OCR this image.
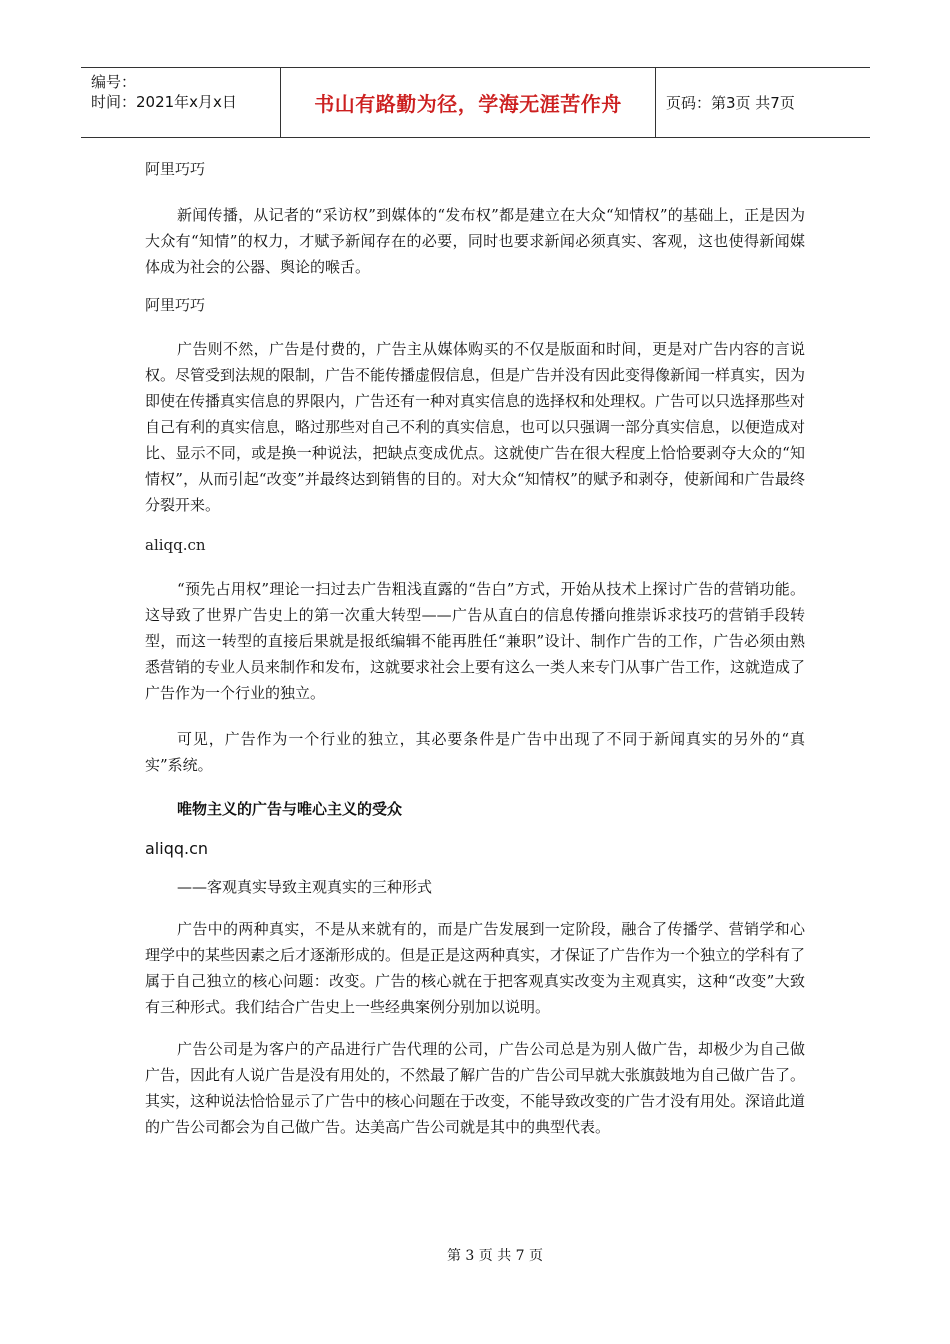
编号：
时间：2021年x月x日	书山有路勤为径，学海无涯苦作舟	页码：第3页 共7页

阿里巧巧

新闻传播，从记者的“采访权”到媒体的“发布权”都是建立在大众“知情权”的基础上，正是因为大众有“知情”的权力，才赋予新闻存在的必要，同时也要求新闻必须真实、客观，这也使得新闻媒体成为社会的公器、舆论的喉舌。

阿里巧巧

广告则不然，广告是付费的，广告主从媒体购买的不仅是版面和时间，更是对广告内容的言说权。尽管受到法规的限制，广告不能传播虚假信息，但是广告并没有因此变得像新闻一样真实，因为即使在传播真实信息的界限内，广告还有一种对真实信息的选择权和处理权。广告可以只选择那些对自己有利的真实信息，略过那些对自己不利的真实信息，也可以只强调一部分真实信息，以便造成对比、显示不同，或是换一种说法，把缺点变成优点。这就使广告在很大程度上恰恰要剥夺大众的“知情权”，从而引起“改变”并最终达到销售的目的。对大众“知情权”的赋予和剥夺，使新闻和广告最终分裂开来。

aliqq.cn

“预先占用权”理论一扫过去广告粗浅直露的“告白”方式，开始从技术上探讨广告的营销功能。这导致了世界广告史上的第一次重大转型——广告从直白的信息传播向推崇诉求技巧的营销手段转型，而这一转型的直接后果就是报纸编辑不能再胜任“兼职”设计、制作广告的工作，广告必须由熟悉营销的专业人员来制作和发布，这就要求社会上要有这么一类人来专门从事广告工作，这就造成了广告作为一个行业的独立。

可见，广告作为一个行业的独立，其必要条件是广告中出现了不同于新闻真实的另外的“真实”系统。

唯物主义的广告与唯心主义的受众

aliqq.cn

——客观真实导致主观真实的三种形式

广告中的两种真实，不是从来就有的，而是广告发展到一定阶段，融合了传播学、营销学和心理学中的某些因素之后才逐渐形成的。但是正是这两种真实，才保证了广告作为一个独立的学科有了属于自己独立的核心问题：改变。广告的核心就在于把客观真实改变为主观真实，这种“改变”大致有三种形式。我们结合广告史上一些经典案例分别加以说明。

广告公司是为客户的产品进行广告代理的公司，广告公司总是为别人做广告，却极少为自己做广告，因此有人说广告是没有用处的，不然最了解广告的广告公司早就大张旗鼓地为自己做广告了。其实，这种说法恰恰显示了广告中的核心问题在于改变，不能导致改变的广告才没有用处。深谙此道的广告公司都会为自己做广告。达美高广告公司就是其中的典型代表。

第 3 页 共 7 页
